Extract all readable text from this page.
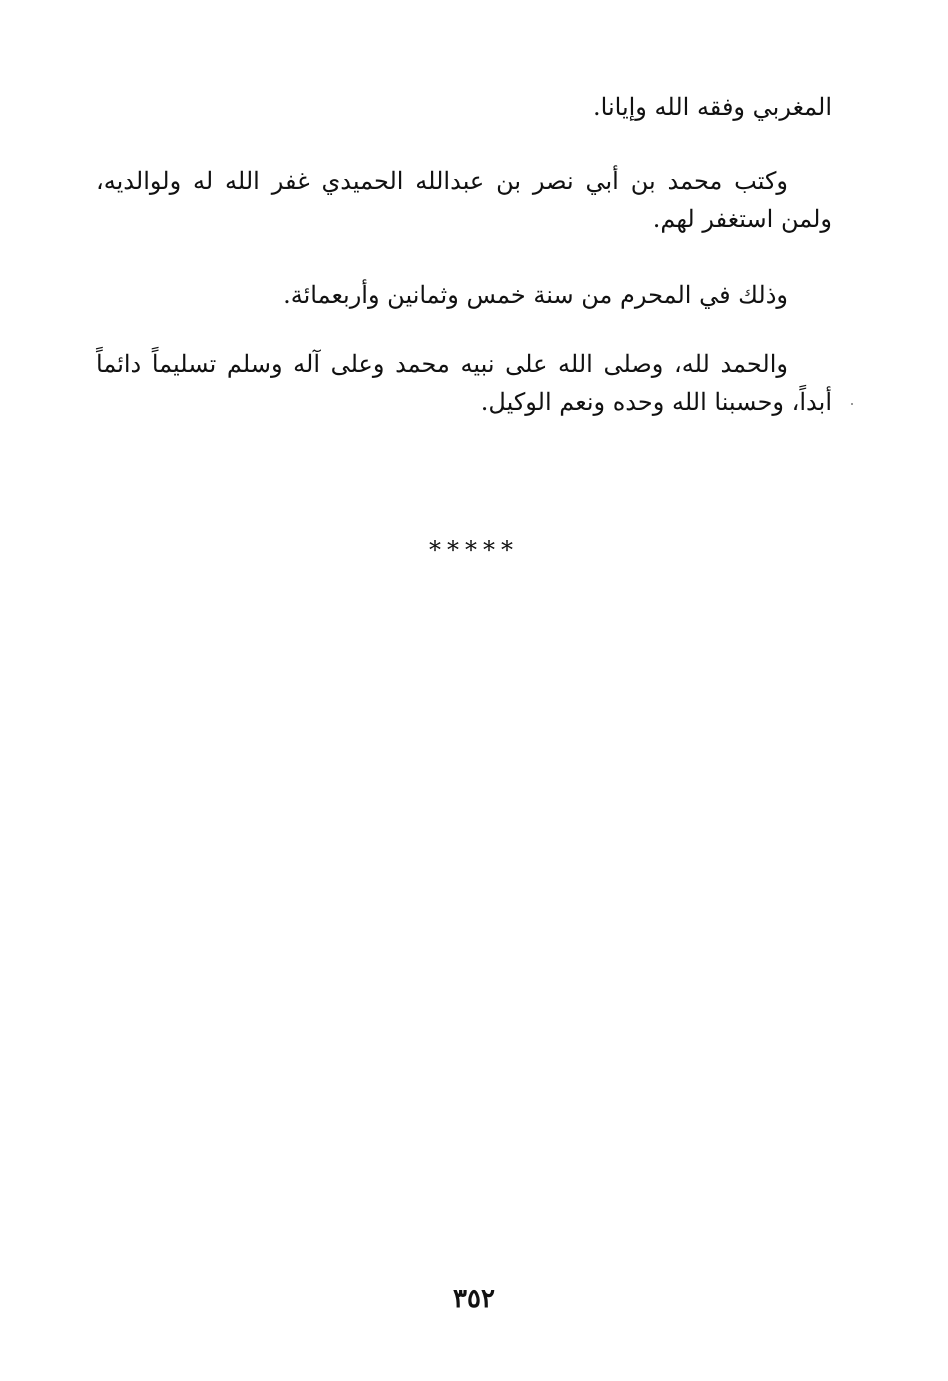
المغربي وفقه الله وإيانا.

وكتب محمد بن أبي نصر بن عبدالله الحميدي غفر الله له ولوالديه، ولمن استغفر لهم.

وذلك في المحرم من سنة خمس وثمانين وأربعمائة.

والحمد لله، وصلى الله على نبيه محمد وعلى آله وسلم تسليماً دائماً أبداً، وحسبنا الله وحده ونعم الوكيل.

*****
٣٥٢
